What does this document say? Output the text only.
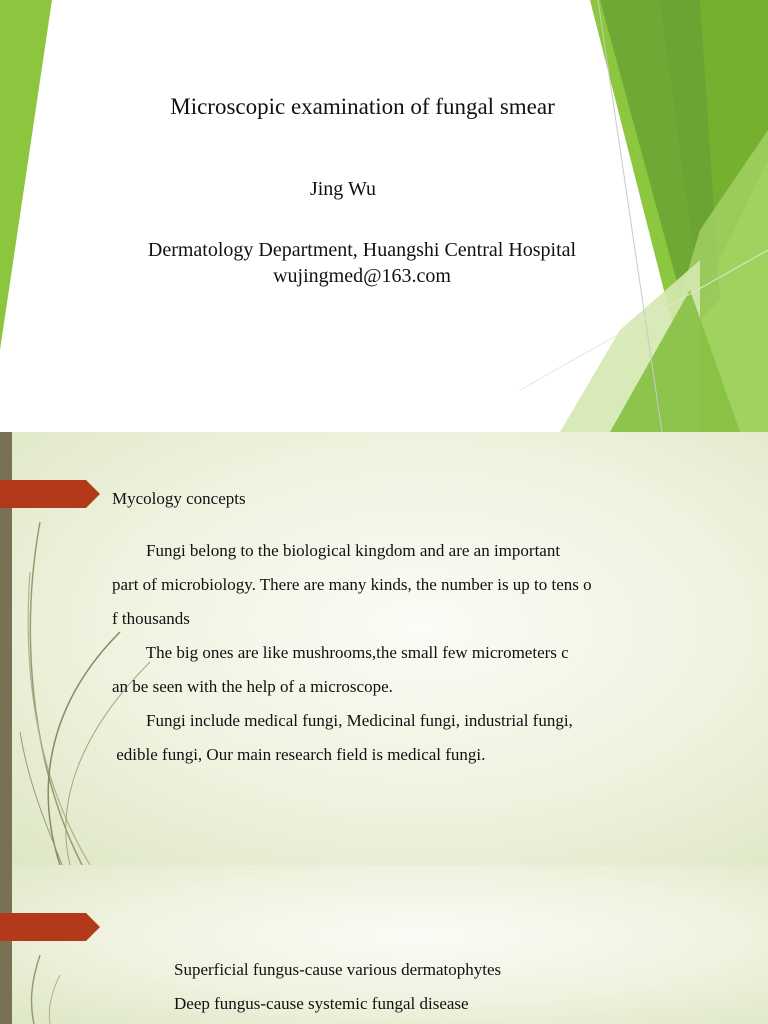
Microscopic examination of fungal smear
Jing Wu
Dermatology Department, Huangshi Central Hospital
wujingmed@163.com
Mycology concepts
Fungi belong to the biological kingdom and are an important
part of microbiology. There are many kinds, the number is up to tens o
f thousands
The big ones are like mushrooms,the small few micrometers c
an be seen with the help of a microscope.
Fungi include medical fungi, Medicinal fungi, industrial fungi,
edible fungi, Our main research field is medical fungi.
Superficial fungus-cause various dermatophytes
Deep fungus-cause systemic fungal disease
